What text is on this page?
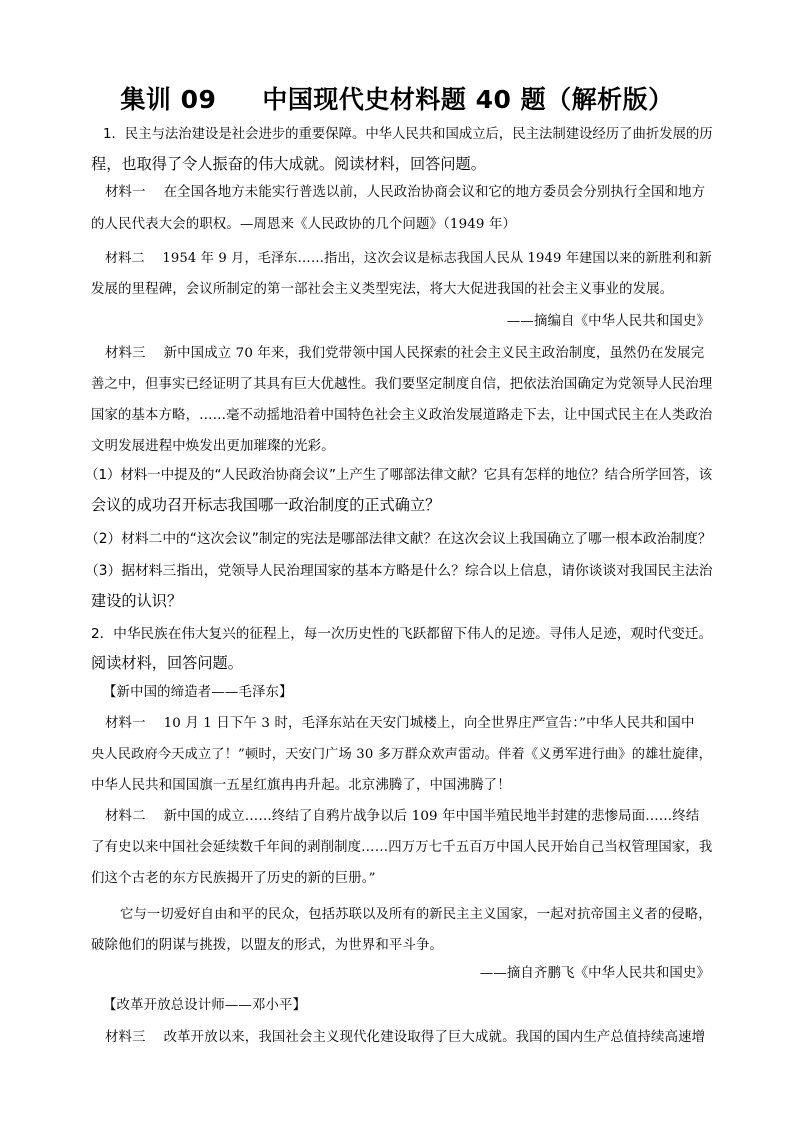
集训 09 中国现代史材料题 40 题（解析版）
1．民主与法治建设是社会进步的重要保障。中华人民共和国成立后，民主法制建设经历了曲折发展的历
程，也取得了令人振奋的伟大成就。阅读材料，回答问题。
材料一　 在全国各地方未能实行普选以前，人民政治协商会议和它的地方委员会分别执行全国和地方
的人民代表大会的职权。—周恩来《人民政协的几个问题》（1949 年）
材料二　 1954 年 9 月，毛泽东……指出，这次会议是标志我国人民从 1949 年建国以来的新胜利和新
发展的里程碑，会议所制定的第一部社会主义类型宪法，将大大促进我国的社会主义事业的发展。
——摘编自《中华人民共和国史》
材料三　 新中国成立 70 年来，我们党带领中国人民探索的社会主义民主政治制度，虽然仍在发展完
善之中，但事实已经证明了其具有巨大优越性。我们要坚定制度自信，把依法治国确定为党领导人民治理
国家的基本方略，……毫不动摇地沿着中国特色社会主义政治发展道路走下去，让中国式民主在人类政治
文明发展进程中焕发出更加璀璨的光彩。
（1）材料一中提及的“人民政治协商会议”上产生了哪部法律文献？它具有怎样的地位？结合所学回答，该
会议的成功召开标志我国哪一政治制度的正式确立？
（2）材料二中的“这次会议”制定的宪法是哪部法律文献？在这次会议上我国确立了哪一根本政治制度？
（3）据材料三指出，党领导人民治理国家的基本方略是什么？综合以上信息，请你谈谈对我国民主法治
建设的认识？
2．中华民族在伟大复兴的征程上，每一次历史性的飞跃都留下伟人的足迹。寻伟人足迹，观时代变迁。
阅读材料，回答问题。
【新中国的缔造者——毛泽东】
材料一　 10 月 1 日下午 3 时，毛泽东站在天安门城楼上，向全世界庄严宣告：”中华人民共和国中
央人民政府今天成立了！”顿时，天安门广场 30 多万群众欢声雷动。伴着《义勇军进行曲》的雄壮旋律，
中华人民共和国国旗一五星红旗冉冉升起。北京沸腾了，中国沸腾了！
材料二　 新中国的成立……终结了自鸦片战争以后 109 年中国半殖民地半封建的悲惨局面……终结
了有史以来中国社会延续数千年间的剥削制度……四万万七千五百万中国人民开始自己当权管理国家，我
们这个古老的东方民族揭开了历史的新的巨册。”
它与一切爱好自由和平的民众，包括苏联以及所有的新民主主义国家，一起对抗帝国主义者的侵略，
破除他们的阴谋与挑拨，以盟友的形式，为世界和平斗争。
——摘自齐鹏飞《中华人民共和国史》
【改革开放总设计师——邓小平】
材料三　 改革开放以来，我国社会主义现代化建设取得了巨大成就。我国的国内生产总值持续高速增
